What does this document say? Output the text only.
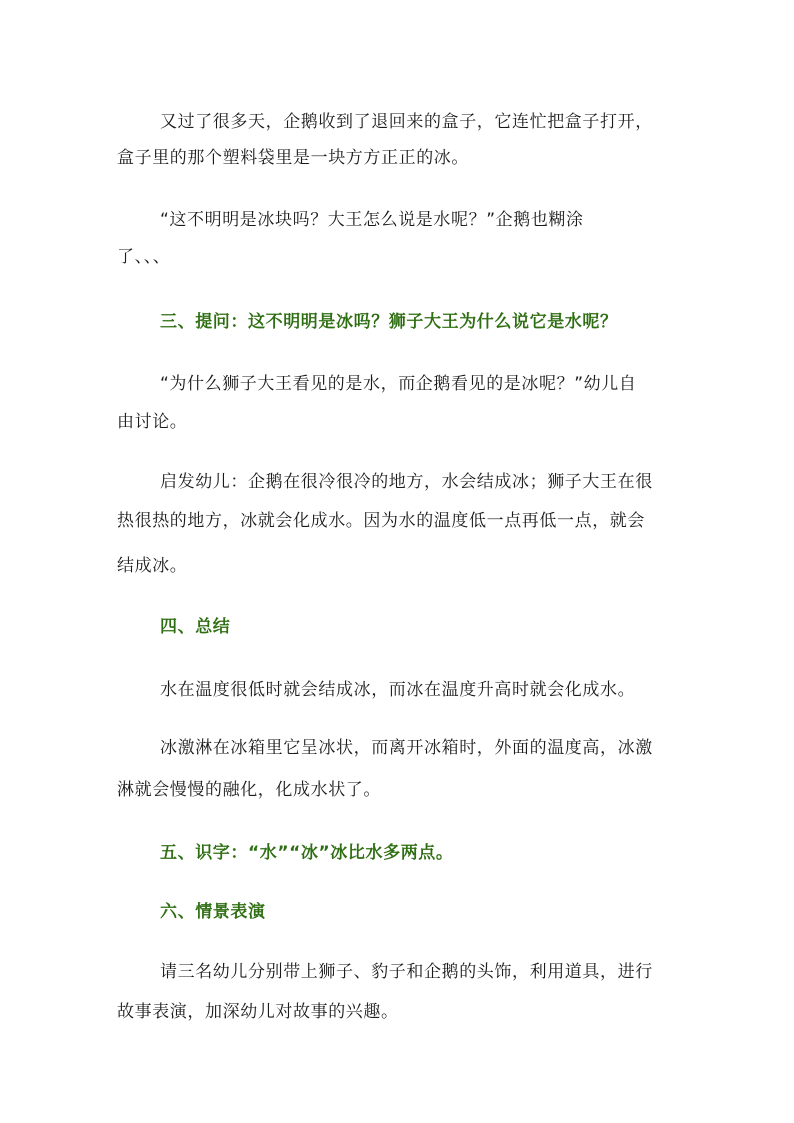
又过了很多天，企鹅收到了退回来的盒子，它连忙把盒子打开，
盒子里的那个塑料袋里是一块方方正正的冰。
“这不明明是冰块吗？大王怎么说是水呢？”企鹅也糊涂
了、、、
三、提问：这不明明是冰吗？狮子大王为什么说它是水呢？
“为什么狮子大王看见的是水，而企鹅看见的是冰呢？”幼儿自
由讨论。
启发幼儿：企鹅在很冷很冷的地方，水会结成冰；狮子大王在很
热很热的地方，冰就会化成水。因为水的温度低一点再低一点，就会
结成冰。
四、总结
水在温度很低时就会结成冰，而冰在温度升高时就会化成水。
冰激淋在冰箱里它呈冰状，而离开冰箱时，外面的温度高，冰激
淋就会慢慢的融化，化成水状了。
五、识字：“水”“冰”冰比水多两点。
六、情景表演
请三名幼儿分别带上狮子、豹子和企鹅的头饰，利用道具，进行
故事表演，加深幼儿对故事的兴趣。
